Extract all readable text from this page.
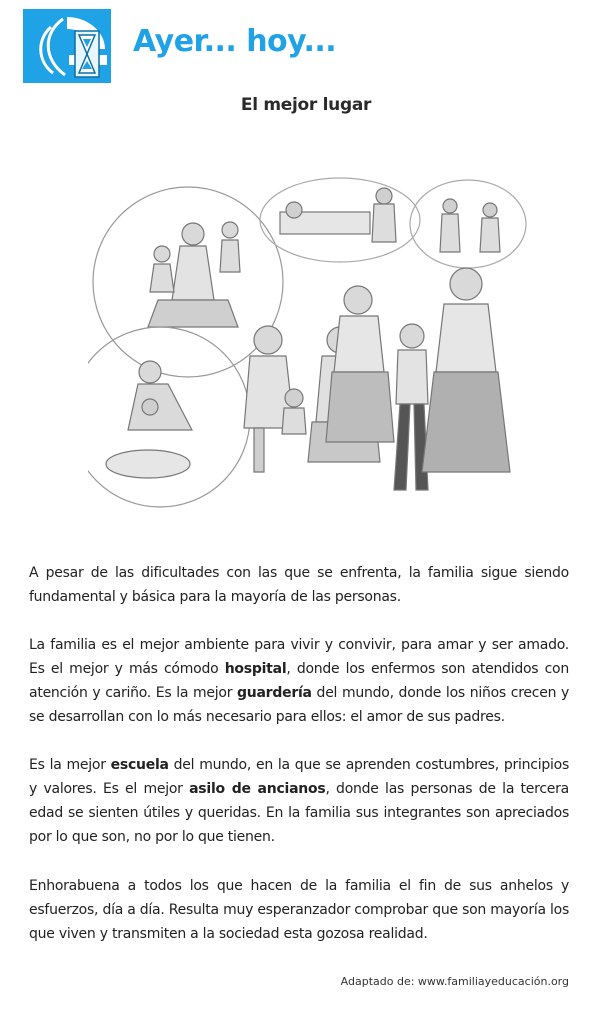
Ayer... hoy...
El mejor lugar

A pesar de las dificultades con las que se enfrenta, la familia sigue siendo fundamental y básica para la mayoría de las personas.

La familia es el mejor ambiente para vivir y convivir, para amar y ser amado. Es el mejor y más cómodo hospital, donde los enfermos son atendidos con atención y cariño. Es la mejor guardería del mundo, donde los niños crecen y se desarrollan con lo más necesario para ellos: el amor de sus padres.

Es la mejor escuela del mundo, en la que se aprenden costumbres, principios y valores. Es el mejor asilo de ancianos, donde las personas de la tercera edad se sienten útiles y queridas. En la familia sus integrantes son apreciados por lo que son, no por lo que tienen.

Enhorabuena a todos los que hacen de la familia el fin de sus anhelos y esfuerzos, día a día. Resulta muy esperanzador comprobar que son mayoría los que viven y transmiten a la sociedad esta gozosa realidad.

Adaptado de: www.familiayeducación.org
